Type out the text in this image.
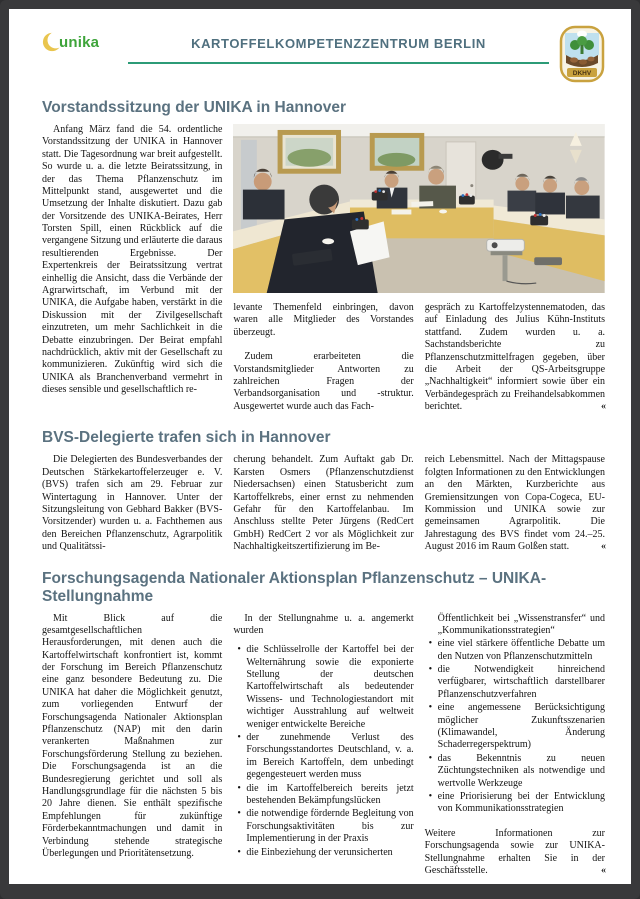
unika	KARTOFFELKOMPETENZZENTRUM BERLIN
DKHV
Vorstandssitzung der UNIKA in Hannover

Anfang März fand die 54. ordentliche Vorstandssitzung der UNIKA in Hannover statt. Die Tagesordnung war breit aufgestellt. So wurde u. a. die letzte Beiratssitzung, in der das Thema Pflanzenschutz im Mittelpunkt stand, ausgewertet und die Umsetzung der Inhalte diskutiert. Dazu gab der Vorsitzende des UNIKA-Beirates, Herr Torsten Spill, einen Rückblick auf die vergangene Sitzung und erläuterte die daraus resultierenden Ergebnisse. Der Expertenkreis der Beiratssitzung vertrat einhellig die Ansicht, dass die Verbände der Agrarwirtschaft, im Verbund mit der UNIKA, die Aufgabe haben, verstärkt in die Diskussion mit der Zivilgesellschaft einzutreten, um mehr Sachlichkeit in die Debatte einzubringen. Der Beirat empfahl nachdrücklich, aktiv mit der Gesellschaft zu kommunizieren. Zukünftig wird sich die UNIKA als Branchenverband vermehrt in dieses sensible und gesellschaftlich re-

levante Themenfeld einbringen, davon waren alle Mitglieder des Vorstandes überzeugt.

Zudem erarbeiteten die Vorstandsmitglieder Antworten zu zahlreichen Fragen der Verbandsorganisation und -struktur. Ausgewertet wurde auch das Fach-

gespräch zu Kartoffelzystennematoden, das auf Einladung des Julius Kühn-Instituts stattfand. Zudem wurden u. a. Sachstandsberichte zu Pflanzenschutzmittelfragen gegeben, über die Arbeit der QS-Arbeitsgruppe „Nachhaltigkeit“ informiert sowie über ein Verbändegespräch zu Freihandelsabkommen berichtet.	«

BVS-Delegierte trafen sich in Hannover

Die Delegierten des Bundesverbandes der Deutschen Stärkekartoffelerzeuger e. V. (BVS) trafen sich am 29. Februar zur Wintertagung in Hannover. Unter der Sitzungsleitung von Gebhard Bakker (BVS-Vorsitzender) wurden u. a. Fachthemen aus den Bereichen Pflanzenschutz, Agrarpolitik und Qualitätssi-

cherung behandelt. Zum Auftakt gab Dr. Karsten Osmers (Pflanzenschutzdienst Niedersachsen) einen Statusbericht zum Kartoffelkrebs, einer ernst zu nehmenden Gefahr für den Kartoffelanbau. Im Anschluss stellte Peter Jürgens (RedCert GmbH) RedCert 2 vor als Möglichkeit zur Nachhaltigkeitszertifizierung im Be-

reich Lebensmittel. Nach der Mittagspause folgten Informationen zu den Entwicklungen an den Märkten, Kurzberichte aus Gremiensitzungen von Copa-Cogeca, EU-Kommission und UNIKA sowie zur gemeinsamen Agrarpolitik. Die Jahrestagung des BVS findet vom 24.–25. August 2016 im Raum Golßen statt.	«

Forschungsagenda Nationaler Aktionsplan Pflanzenschutz – UNIKA-Stellungnahme

Mit Blick auf die gesamtgesellschaftlichen Herausforderungen, mit denen auch die Kartoffelwirtschaft konfrontiert ist, kommt der Forschung im Bereich Pflanzenschutz eine ganz besondere Bedeutung zu. Die UNIKA hat daher die Möglichkeit genutzt, zum vorliegenden Entwurf der Forschungsagenda Nationaler Aktionsplan Pflanzenschutz (NAP) mit den darin verankerten Maßnahmen zur Forschungsförderung Stellung zu beziehen. Die Forschungsagenda ist an die Bundesregierung gerichtet und soll als Handlungsgrundlage für die nächsten 5 bis 20 Jahre dienen. Sie enthält spezifische Empfehlungen für zukünftige Förderbekanntmachungen und damit in Verbindung stehende strategische Überlegungen und Prioritätensetzung.

In der Stellungnahme u. a. angemerkt wurden

• die Schlüsselrolle der Kartoffel bei der Welternährung sowie die exponierte Stellung der deutschen Kartoffelwirtschaft als bedeutender Wissens- und Technologiestandort mit wichtiger Ausstrahlung auf weltweit weniger entwickelte Bereiche
• der zunehmende Verlust des Forschungsstandortes Deutschland, v. a. im Bereich Kartoffeln, dem unbedingt gegengesteuert werden muss
• die im Kartoffelbereich bereits jetzt bestehenden Bekämpfungslücken
• die notwendige fördernde Begleitung von Forschungsaktivitäten bis zur Implementierung in der Praxis
• die Einbeziehung der verunsicherten

Öffentlichkeit bei „Wissenstransfer“ und „Kommunikationsstrategien“

• eine viel stärkere öffentliche Debatte um den Nutzen von Pflanzenschutzmitteln
• die Notwendigkeit hinreichend verfügbarer, wirtschaftlich darstellbarer Pflanzenschutzverfahren
• eine angemessene Berücksichtigung möglicher Zukunftsszenarien (Klimawandel, Änderung Schaderregerspektrum)
• das Bekenntnis zu neuen Züchtungstechniken als notwendige und wertvolle Werkzeuge
• eine Priorisierung bei der Entwicklung von Kommunikationsstrategien

Weitere Informationen zur Forschungsagenda sowie zur UNIKA-Stellungnahme erhalten Sie in der Geschäftsstelle.	«

62	Kartoffelbau 4/2016 (67. Jg.)
